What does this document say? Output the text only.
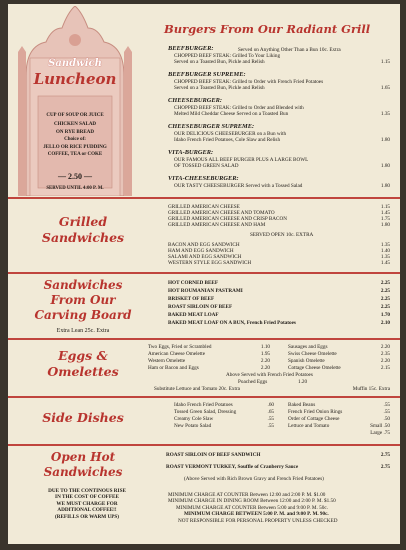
Sandwich
Luncheon
CUP OF SOUP OR JUICE
CHICKEN SALAD
ON RYE BREAD
Choice of:
JELLO OR RICE PUDDING
COFFEE, TEA or COKE
— 2.50 —
SERVED UNTIL 4:00 P. M.
Burgers From Our Radiant Grill
BEEFBURGER:	Served on Anything Other Than a Bun 10c. Extra
CHOPPED BEEF STEAK: Grilled To Your Liking
Served on a Toasted Bun, Pickle and Relish	1.15
BEEFBURGER SUPREME:
CHOPPED BEEF STEAK: Grilled to Order with French Fried Potatoes
Served on a Toasted Bun, Pickle and Relish	1.65
CHEESEBURGER:
CHOPPED BEEF STEAK: Grilled to Order and Blended with
Melted Mild Cheddar Cheese Served on a Toasted Bun	1.35
CHEESEBURGER SUPREME:
OUR DELICIOUS CHEESEBURGER on a Bun with
Idaho French Fried Potatoes, Cole Slaw and Relish	1.80
VITA-BURGER:
OUR FAMOUS ALL BEEF BURGER PLUS A LARGE BOWL
OF TOSSED GREEN SALAD	1.80
VITA-CHEESEBURGER:
OUR TASTY CHEESEBURGER Served with a Tossed Salad	1.80
Grilled
Sandwiches
GRILLED AMERICAN CHEESE	1.15
GRILLED AMERICAN CHEESE AND TOMATO	1.45
GRILLED AMERICAN CHEESE AND CRISP BACON	1.75
GRILLED AMERICAN CHEESE AND HAM	1.80
SERVED OPEN 10c. EXTRA
BACON AND EGG SANDWICH	1.35
HAM AND EGG SANDWICH	1.40
SALAMI AND EGG SANDWICH	1.35
WESTERN STYLE EGG SANDWICH	1.45
Sandwiches
From Our
Carving Board
Extra Lean 25c. Extra
HOT CORNED BEEF	2.25
HOT ROUMANIAN PASTRAMI	2.25
BRISKET OF BEEF	2.25
ROAST SIRLOIN OF BEEF	2.25
BAKED MEAT LOAF	1.70
BAKED MEAT LOAF ON A BUN, French Fried Potatoes	2.10
Eggs &
Omelettes
Two Eggs, Fried or Scrambled	1.10
American Cheese Omelette	1.95
Western Omelette	2.20
Ham or Bacon and Eggs	2.20
Sausages and Eggs	2.20
Swiss Cheese Omelette	2.35
Spanish Omelette	2.20
Cottage Cheese Omelette	2.15
Above Served with French Fried Potatoes
Poached Eggs	1.20
Substitute Lettuce and Tomato 20c. Extra	Muffin 15c. Extra
Side Dishes
Idaho French Fried Potatoes	.60
Tossed Green Salad, Dressing	.65
Creamy Cole Slaw	.55
New Potato Salad	.55
Baked Beans	.55
French Fried Onion Rings	.55
Order of Cottage Cheese	.50
Lettuce and Tomato	Small .50
Large .75
Open Hot
Sandwiches
ROAST SIRLOIN OF BEEF SANDWICH	2.75
ROAST VERMONT TURKEY, Souffle of Cranberry Sauce	2.75
(Above Served with Rich Brown Gravy and French Fried Potatoes)
DUE TO THE CONTINOUS RISE
IN THE COST OF COFFEE
WE MUST CHARGE FOR
ADDITIONAL COFFEE!!
(REFILLS OR WARM UPS)
MINIMUM CHARGE AT COUNTER Between 12:00 and 2:00 P. M. $1.00
MINIMUM CHARGE IN DINING ROOM Between 12:00 and 2:00 P. M. $1.50
MINIMUM CHARGE AT COUNTER Between 5:00 and 9:00 P. M. 50c.
MINIMUM CHARGE BETWEEN 5:00 P. M. and 9:00 P. M. 90c.
NOT RESPONSIBLE FOR PERSONAL PROPERTY UNLESS CHECKED
